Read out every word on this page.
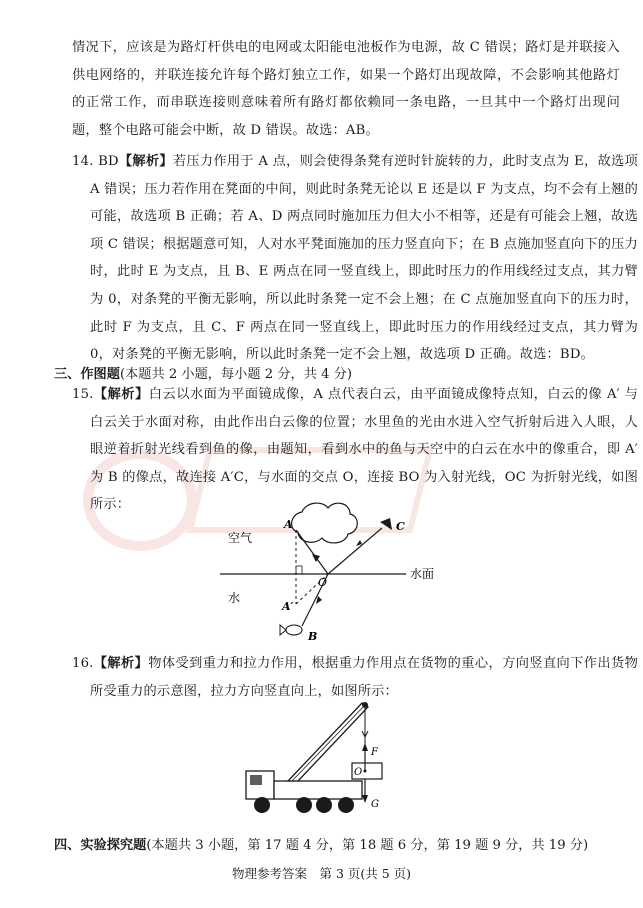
情况下，应该是为路灯杆供电的电网或太阳能电池板作为电源，故 C 错误；路灯是并联接入供电网络的，并联连接允许每个路灯独立工作，如果一个路灯出现故障，不会影响其他路灯的正常工作，而串联连接则意味着所有路灯都依赖同一条电路，一旦其中一个路灯出现问题，整个电路可能会中断，故 D 错误。故选：AB。
14. BD【解析】若压力作用于 A 点，则会使得条凳有逆时针旋转的力，此时支点为 E，故选项 A 错误；压力若作用在凳面的中间，则此时条凳无论以 E 还是以 F 为支点，均不会有上翘的可能，故选项 B 正确；若 A、D 两点同时施加压力但大小不相等，还是有可能会上翘，故选项 C 错误；根据题意可知，人对水平凳面施加的压力竖直向下；在 B 点施加竖直向下的压力时，此时 E 为支点，且 B、E 两点在同一竖直线上，即此时压力的作用线经过支点，其力臂为 0，对条凳的平衡无影响，所以此时条凳一定不会上翘；在 C 点施加竖直向下的压力时，此时 F 为支点，且 C、F 两点在同一竖直线上，即此时压力的作用线经过支点，其力臂为 0，对条凳的平衡无影响，所以此时条凳一定不会上翘，故选项 D 正确。故选：BD。
三、作图题(本题共 2 小题，每小题 2 分，共 4 分)
15.【解析】白云以水面为平面镜成像，A 点代表白云，由平面镜成像特点知，白云的像 A′ 与白云关于水面对称，由此作出白云像的位置；水里鱼的光由水进入空气折射后进入人眼，人眼逆着折射光线看到鱼的像，由题知，看到水中的鱼与天空中的白云在水中的像重合，即 A′为 B 的像点，故连接 A′C，与水面的交点 O，连接 BO 为入射光线，OC 为折射光线，如图所示：
空气
水面
水
A
A′
B
C
O
16.【解析】物体受到重力和拉力作用，根据重力作用点在货物的重心，方向竖直向下作出货物所受重力的示意图，拉力方向竖直向上，如图所示：
F
O
G
四、实验探究题(本题共 3 小题，第 17 题 4 分，第 18 题 6 分，第 19 题 9 分，共 19 分)
物理参考答案　第 3 页(共 5 页)
